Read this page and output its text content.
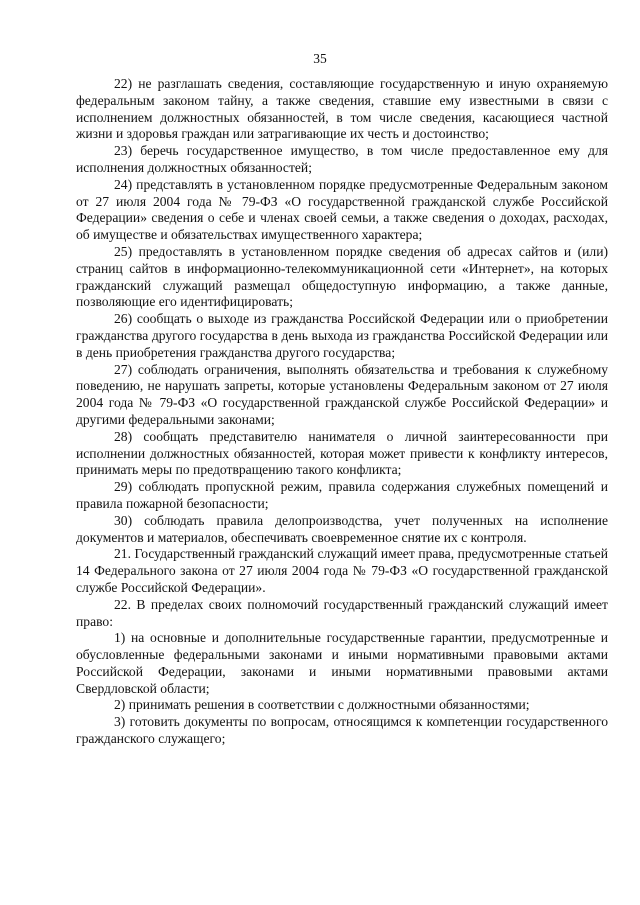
35

22) не разглашать сведения, составляющие государственную и иную охраняемую федеральным законом тайну, а также сведения, ставшие ему известными в связи с исполнением должностных обязанностей, в том числе сведения, касающиеся частной жизни и здоровья граждан или затрагивающие их честь и достоинство;

23) беречь государственное имущество, в том числе предоставленное ему для исполнения должностных обязанностей;

24) представлять в установленном порядке предусмотренные Федеральным законом от 27 июля 2004 года № 79-ФЗ «О государственной гражданской службе Российской Федерации» сведения о себе и членах своей семьи, а также сведения о доходах, расходах, об имуществе и обязательствах имущественного характера;

25) предоставлять в установленном порядке сведения об адресах сайтов и (или) страниц сайтов в информационно-телекоммуникационной сети «Интернет», на которых гражданский служащий размещал общедоступную информацию, а также данные, позволяющие его идентифицировать;

26) сообщать о выходе из гражданства Российской Федерации или о приобретении гражданства другого государства в день выхода из гражданства Российской Федерации или в день приобретения гражданства другого государства;

27) соблюдать ограничения, выполнять обязательства и требования к служебному поведению, не нарушать запреты, которые установлены Федеральным законом от 27 июля 2004 года № 79-ФЗ «О государственной гражданской службе Российской Федерации» и другими федеральными законами;

28) сообщать представителю нанимателя о личной заинтересованности при исполнении должностных обязанностей, которая может привести к конфликту интересов, принимать меры по предотвращению такого конфликта;

29) соблюдать пропускной режим, правила содержания служебных помещений и правила пожарной безопасности;

30) соблюдать правила делопроизводства, учет полученных на исполнение документов и материалов, обеспечивать своевременное снятие их с контроля.

21. Государственный гражданский служащий имеет права, предусмотренные статьей 14 Федерального закона от 27 июля 2004 года № 79-ФЗ «О государственной гражданской службе Российской Федерации».

22. В пределах своих полномочий государственный гражданский служащий имеет право:

1) на основные и дополнительные государственные гарантии, предусмотренные и обусловленные федеральными законами и иными нормативными правовыми актами Российской Федерации, законами и иными нормативными правовыми актами Свердловской области;

2) принимать решения в соответствии с должностными обязанностями;

3) готовить документы по вопросам, относящимся к компетенции государственного гражданского служащего;
